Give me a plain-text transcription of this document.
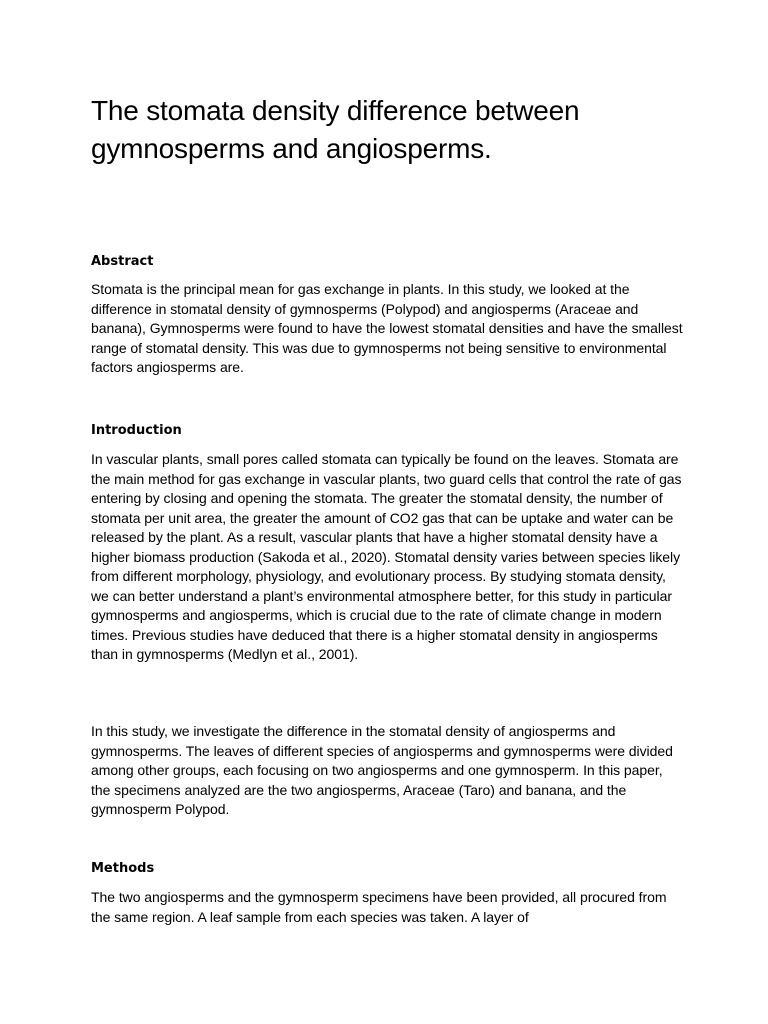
The stomata density difference between gymnosperms and angiosperms.
Abstract

Stomata is the principal mean for gas exchange in plants. In this study, we looked at the difference in stomatal density of gymnosperms (Polypod) and angiosperms (Araceae and banana), Gymnosperms were found to have the lowest stomatal densities and have the smallest range of stomatal density. This was due to gymnosperms not being sensitive to environmental factors angiosperms are.

Introduction

In vascular plants, small pores called stomata can typically be found on the leaves. Stomata are the main method for gas exchange in vascular plants, two guard cells that control the rate of gas entering by closing and opening the stomata. The greater the stomatal density, the number of stomata per unit area, the greater the amount of CO2 gas that can be uptake and water can be released by the plant. As a result, vascular plants that have a higher stomatal density have a higher biomass production (Sakoda et al., 2020). Stomatal density varies between species likely from different morphology, physiology, and evolutionary process. By studying stomata density, we can better understand a plant’s environmental atmosphere better, for this study in particular gymnosperms and angiosperms, which is crucial due to the rate of climate change in modern times. Previous studies have deduced that there is a higher stomatal density in angiosperms than in gymnosperms (Medlyn et al., 2001).

In this study, we investigate the difference in the stomatal density of angiosperms and gymnosperms. The leaves of different species of angiosperms and gymnosperms were divided among other groups, each focusing on two angiosperms and one gymnosperm. In this paper, the specimens analyzed are the two angiosperms, Araceae (Taro) and banana, and the gymnosperm Polypod.

Methods

The two angiosperms and the gymnosperm specimens have been provided, all procured from the same region. A leaf sample from each species was taken. A layer of
